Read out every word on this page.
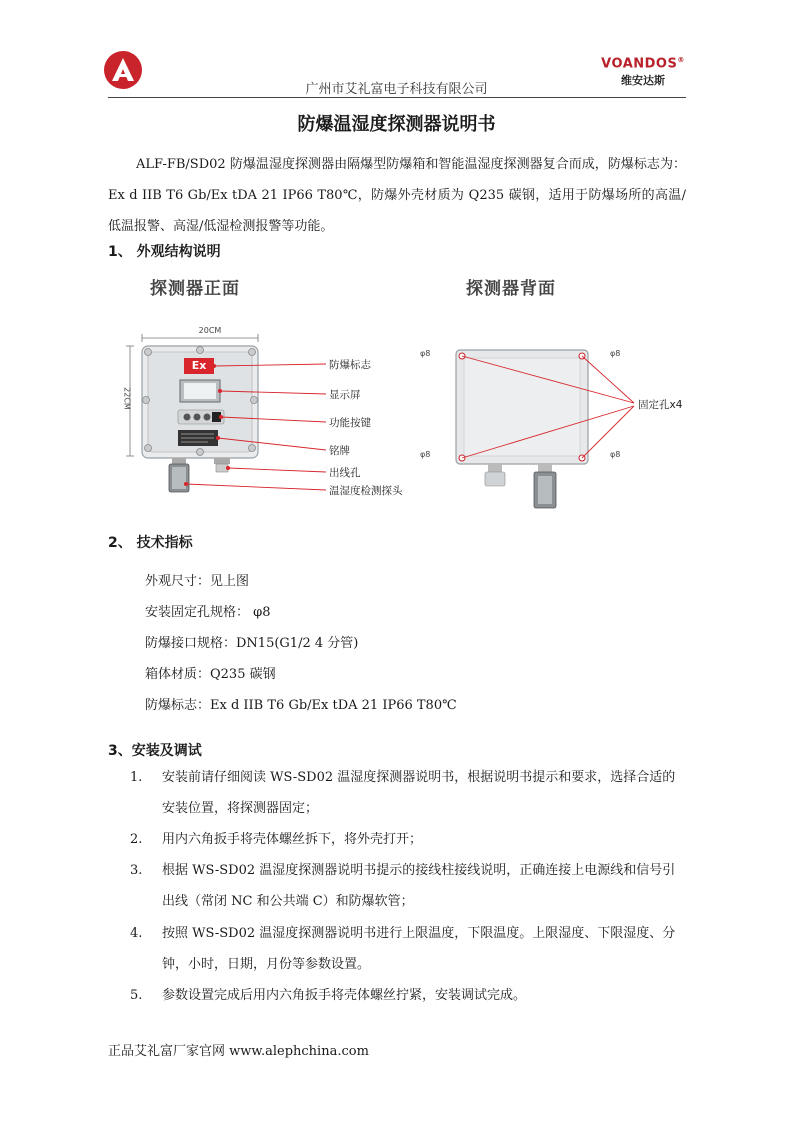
广州市艾礼富电子科技有限公司
VOANDOS®
维安达斯
防爆温湿度探测器说明书
ALF-FB/SD02 防爆温湿度探测器由隔爆型防爆箱和智能温湿度探测器复合而成，防爆标志为：Ex d IIB T6 Gb/Ex tDA 21 IP66 T80℃，防爆外壳材质为 Q235 碳钢，适用于防爆场所的高温/低温报警、高湿/低湿检测报警等功能。
1、 外观结构说明
探测器正面	探测器背面
20CM
Ex
22CM
防爆标志
显示屏
功能按键
铭牌
出线孔
温湿度检测探头
φ8	φ8
φ8	φ8
固定孔x4
2、 技术指标
外观尺寸：见上图
安装固定孔规格： φ8
防爆接口规格：DN15(G1/2 4 分管)
箱体材质：Q235 碳钢
防爆标志：Ex d IIB T6 Gb/Ex tDA 21 IP66 T80℃
3、安装及调试
1. 安装前请仔细阅读 WS-SD02 温湿度探测器说明书，根据说明书提示和要求，选择合适的安装位置，将探测器固定；
2. 用内六角扳手将壳体螺丝拆下，将外壳打开；
3. 根据 WS-SD02 温湿度探测器说明书提示的接线柱接线说明，正确连接上电源线和信号引出线（常闭 NC 和公共端 C）和防爆软管；
4. 按照 WS-SD02 温湿度探测器说明书进行上限温度，下限温度。上限湿度、下限湿度、分钟，小时，日期，月份等参数设置。
5. 参数设置完成后用内六角扳手将壳体螺丝拧紧，安装调试完成。
正品艾礼富厂家官网 www.alephchina.com
